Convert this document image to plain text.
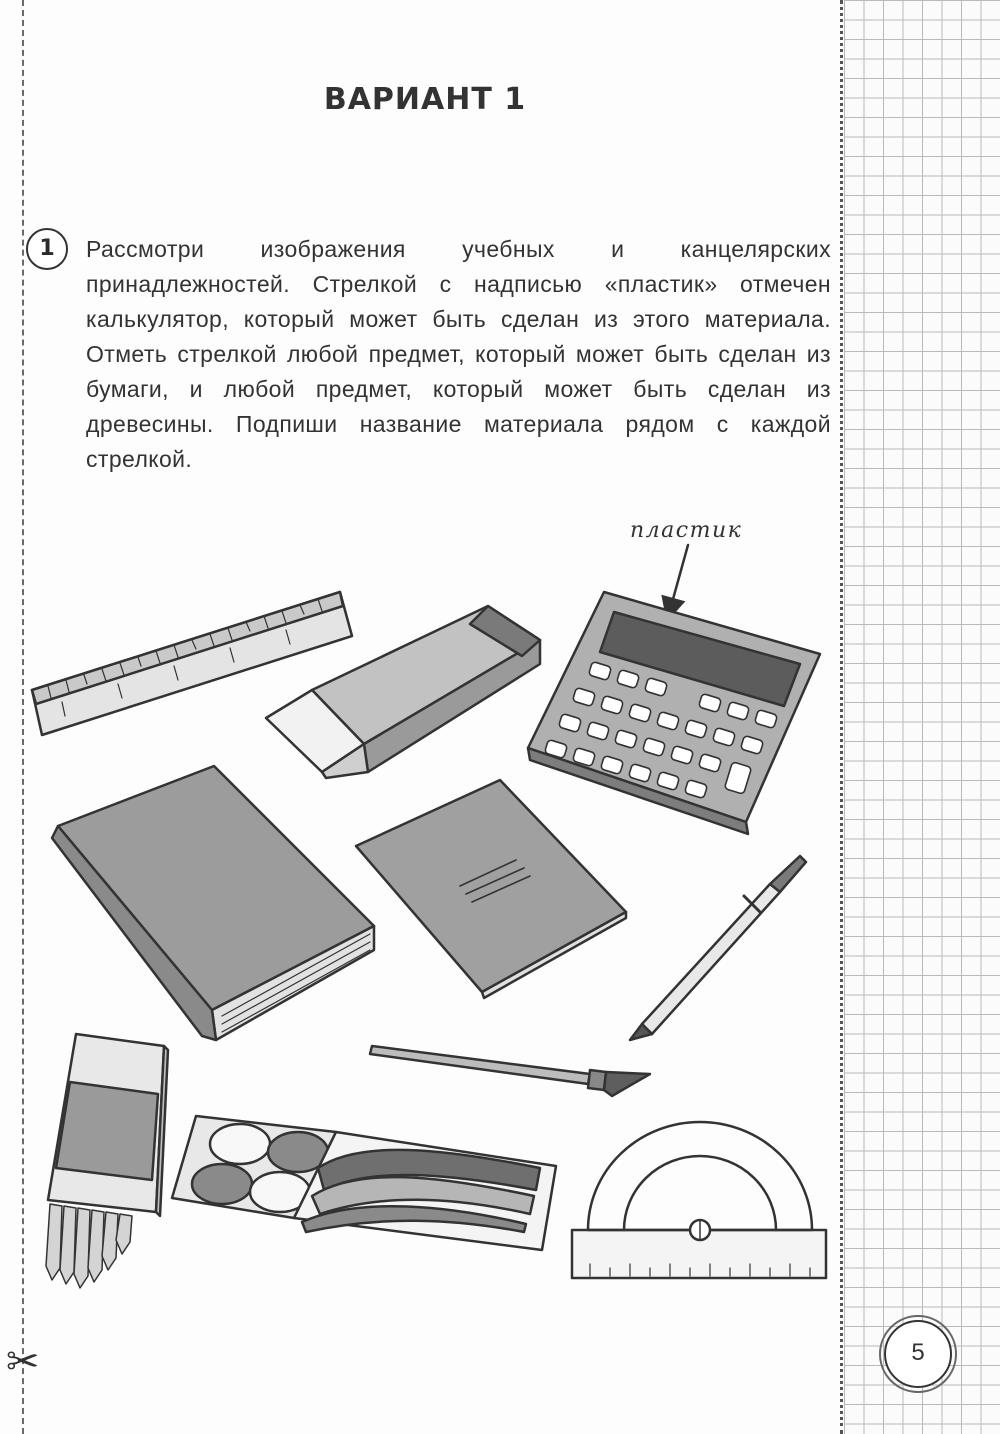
ВАРИАНТ 1
1	Рассмотри изображения учебных и канцелярских принадлежностей. Стрелкой с надписью «пластик» отмечен калькулятор, который может быть сделан из этого материала. Отметь стрелкой любой предмет, который может быть сделан из бумаги, и любой предмет, который может быть сделан из древесины. Подпиши название материала рядом с каждой стрелкой.
пластик
✂	5
